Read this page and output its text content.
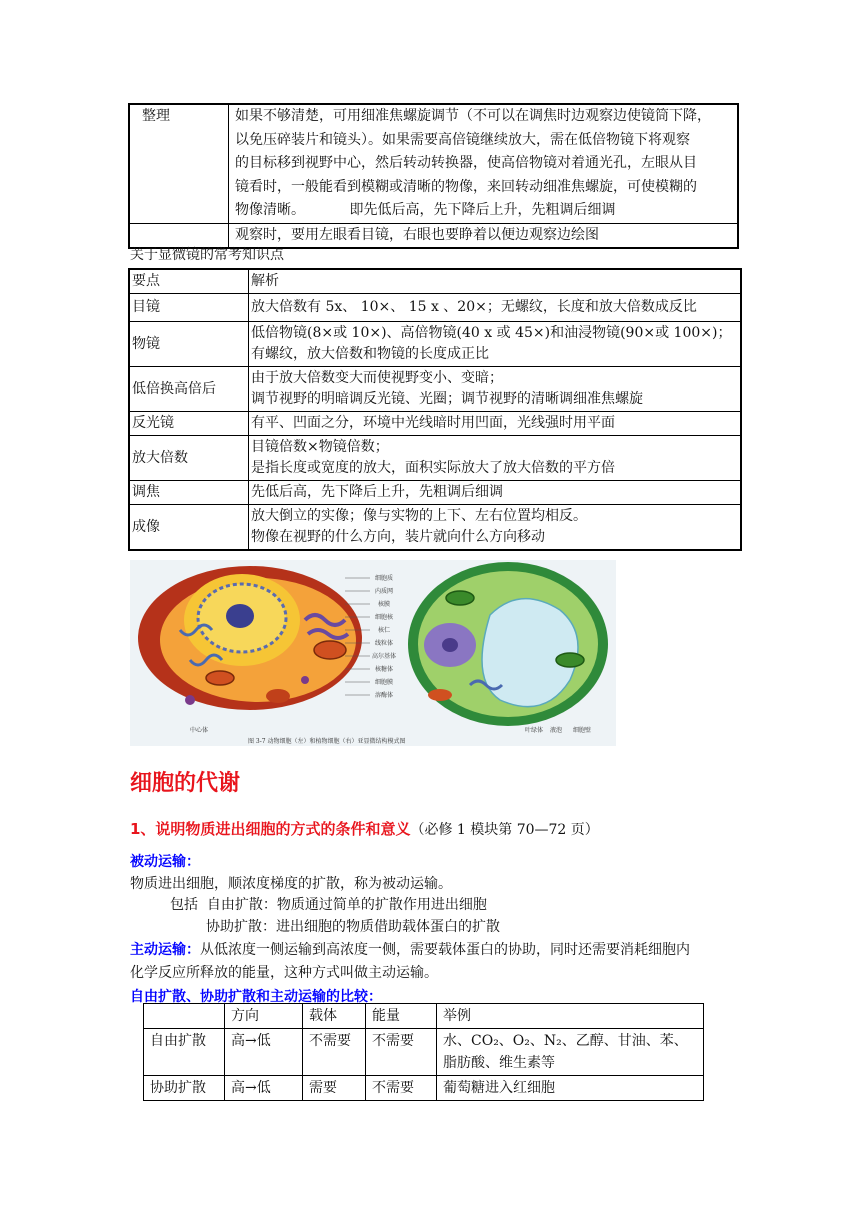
整理	如果不够清楚，可用细准焦螺旋调节（不可以在调焦时边观察边使镜筒下降，
以免压碎装片和镜头）。如果需要高倍镜继续放大，需在低倍物镜下将观察
的目标移到视野中心，然后转动转换器，使高倍物镜对着通光孔，左眼从目
镜看时，一般能看到模糊或清晰的物像，来回转动细准焦螺旋，可使模糊的
物像清晰。          即先低后高，先下降后上升，先粗调后细调

	观察时，要用左眼看目镜，右眼也要睁着以便边观察边绘图
关于显微镜的常考知识点
要点	解析
目镜	放大倍数有 5x、 10×、 15 x 、20×；无螺纹，长度和放大倍数成反比
物镜	低倍物镜(8×或 10×)、高倍物镜(40 x 或 45×)和油浸物镜(90×或 100×)；
有螺纹，放大倍数和物镜的长度成正比

低倍换高倍后	由于放大倍数变大而使视野变小、变暗；
调节视野的明暗调反光镜、光圈；调节视野的清晰调细准焦螺旋

反光镜	有平、凹面之分，环境中光线暗时用凹面，光线强时用平面
放大倍数	目镜倍数×物镜倍数；
是指长度或宽度的放大，面积实际放大了放大倍数的平方倍

调焦	先低后高，先下降后上升，先粗调后细调
成像	放大倒立的实像；像与实物的上下、左右位置均相反。
物像在视野的什么方向，装片就向什么方向移动
细胞质
内质网
核膜
细胞核
核仁
线粒体
高尔基体
核糖体
细胞膜
溶酶体
中心体	叶绿体 液泡 细胞壁
图 3-7 动物细胞（左）和植物细胞（右）亚显微结构模式图
细胞的代谢
1、说明物质进出细胞的方式的条件和意义（必修 1 模块第 70—72 页）
被动运输：
物质进出细胞，顺浓度梯度的扩散，称为被动运输。
包括 自由扩散：物质通过简单的扩散作用进出细胞
协助扩散：进出细胞的物质借助载体蛋白的扩散
主动运输：从低浓度一侧运输到高浓度一侧，需要载体蛋白的协助，同时还需要消耗细胞内
化学反应所释放的能量，这种方式叫做主动运输。
自由扩散、协助扩散和主动运输的比较：
	方向	载体	能量	举例
自由扩散	高→低	不需要	不需要	水、CO₂、O₂、N₂、乙醇、甘油、苯、
脂肪酸、维生素等

协助扩散	高→低	需要	不需要	葡萄糖进入红细胞
